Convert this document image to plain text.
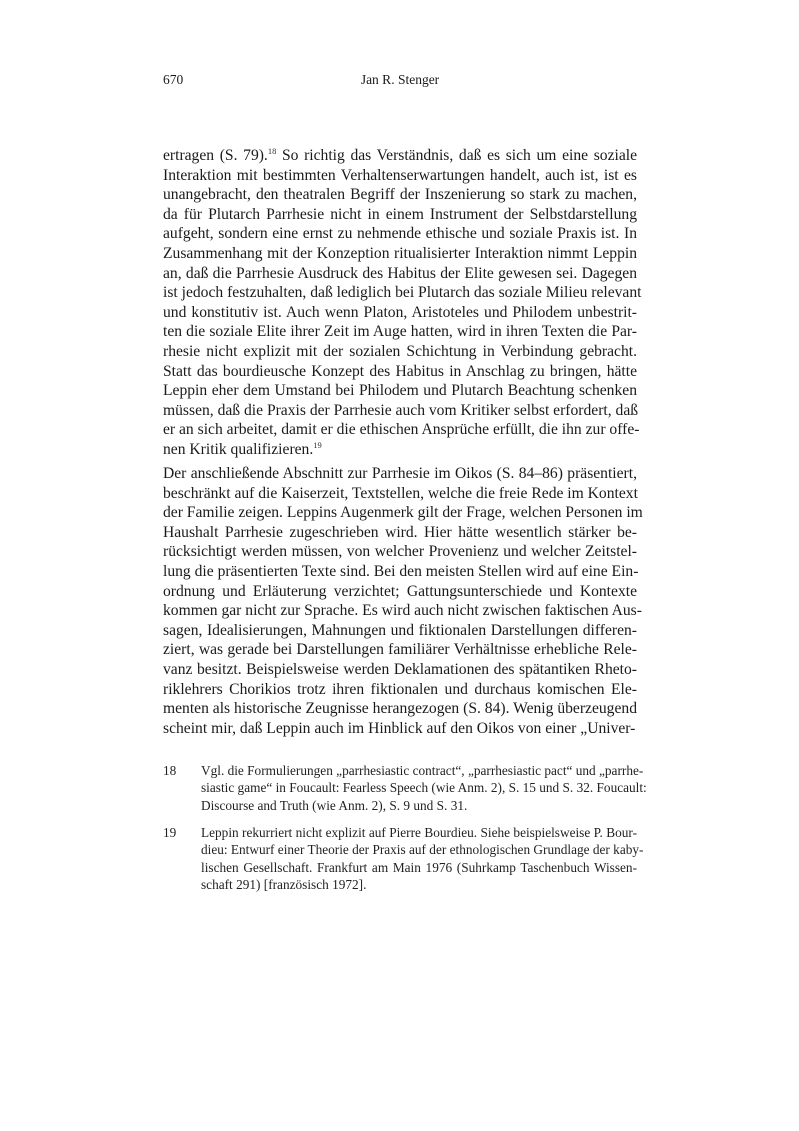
670	Jan R. Stenger
ertragen (S. 79).$^{18}$ So richtig das Verständnis, daß es sich um eine soziale
Interaktion mit bestimmten Verhaltenserwartungen handelt, auch ist, ist es
unangebracht, den theatralen Begriff der Inszenierung so stark zu machen,
da für Plutarch Parrhesie nicht in einem Instrument der Selbstdarstellung
aufgeht, sondern eine ernst zu nehmende ethische und soziale Praxis ist. In
Zusammenhang mit der Konzeption ritualisierter Interaktion nimmt Leppin
an, daß die Parrhesie Ausdruck des Habitus der Elite gewesen sei. Dagegen
ist jedoch festzuhalten, daß lediglich bei Plutarch das soziale Milieu relevant
und konstitutiv ist. Auch wenn Platon, Aristoteles und Philodem unbestrit-
ten die soziale Elite ihrer Zeit im Auge hatten, wird in ihren Texten die Par-
rhesie nicht explizit mit der sozialen Schichtung in Verbindung gebracht.
Statt das bourdieusche Konzept des Habitus in Anschlag zu bringen, hätte
Leppin eher dem Umstand bei Philodem und Plutarch Beachtung schenken
müssen, daß die Praxis der Parrhesie auch vom Kritiker selbst erfordert, daß
er an sich arbeitet, damit er die ethischen Ansprüche erfüllt, die ihn zur offe-
nen Kritik qualifizieren.$^{19}$
Der anschließende Abschnitt zur Parrhesie im Oikos (S. 84–86) präsentiert,
beschränkt auf die Kaiserzeit, Textstellen, welche die freie Rede im Kontext
der Familie zeigen. Leppins Augenmerk gilt der Frage, welchen Personen im
Haushalt Parrhesie zugeschrieben wird. Hier hätte wesentlich stärker be-
rücksichtigt werden müssen, von welcher Provenienz und welcher Zeitstel-
lung die präsentierten Texte sind. Bei den meisten Stellen wird auf eine Ein-
ordnung und Erläuterung verzichtet; Gattungsunterschiede und Kontexte
kommen gar nicht zur Sprache. Es wird auch nicht zwischen faktischen Aus-
sagen, Idealisierungen, Mahnungen und fiktionalen Darstellungen differen-
ziert, was gerade bei Darstellungen familiärer Verhältnisse erhebliche Rele-
vanz besitzt. Beispielsweise werden Deklamationen des spätantiken Rheto-
riklehrers Chorikios trotz ihren fiktionalen und durchaus komischen Ele-
menten als historische Zeugnisse herangezogen (S. 84). Wenig überzeugend
scheint mir, daß Leppin auch im Hinblick auf den Oikos von einer „Univer-
18 Vgl. die Formulierungen „parrhesiastic contract“, „parrhesiastic pact“ und „parrhe-
siastic game“ in Foucault: Fearless Speech (wie Anm. 2), S. 15 und S. 32. Foucault:
Discourse and Truth (wie Anm. 2), S. 9 und S. 31.
19 Leppin rekurriert nicht explizit auf Pierre Bourdieu. Siehe beispielsweise P. Bour-
dieu: Entwurf einer Theorie der Praxis auf der ethnologischen Grundlage der kaby-
lischen Gesellschaft. Frankfurt am Main 1976 (Suhrkamp Taschenbuch Wissen-
schaft 291) [französisch 1972].
